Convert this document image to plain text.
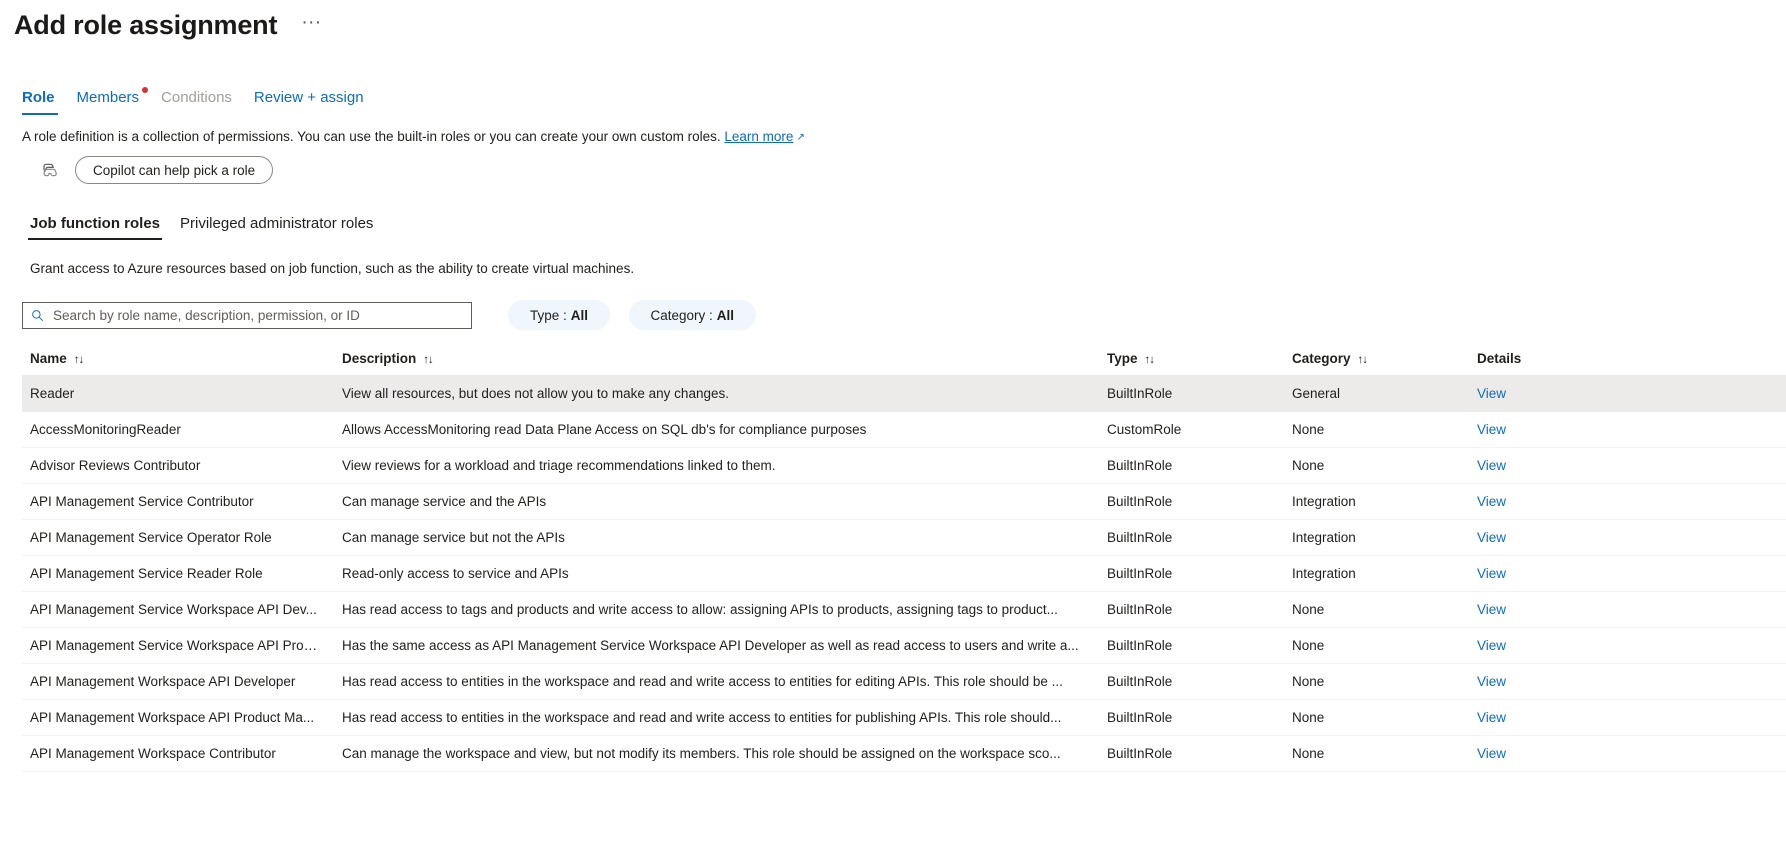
Add role assignment	···
Role	Members	Conditions	Review + assign
A role definition is a collection of permissions. You can use the built-in roles or you can create your own custom roles. Learn more ↗︎
Copilot can help pick a role
Job function roles	Privileged administrator roles
Grant access to Azure resources based on job function, such as the ability to create virtual machines.
Search by role name, description, permission, or ID
Type : All
	Category : All
Name ↑↓	Description ↑↓	Type ↑↓	Category ↑↓	Details
Reader	View all resources, but does not allow you to make any changes.	BuiltInRole	General	View
AccessMonitoringReader	Allows AccessMonitoring read Data Plane Access on SQL db's for compliance purposes	CustomRole	None	View
Advisor Reviews Contributor	View reviews for a workload and triage recommendations linked to them.	BuiltInRole	None	View
API Management Service Contributor	Can manage service and the APIs	BuiltInRole	Integration	View
API Management Service Operator Role	Can manage service but not the APIs	BuiltInRole	Integration	View
API Management Service Reader Role	Read-only access to service and APIs	BuiltInRole	Integration	View
API Management Service Workspace API Dev...	Has read access to tags and products and write access to allow: assigning APIs to products, assigning tags to product...	BuiltInRole	None	View
API Management Service Workspace API Prod...	Has the same access as API Management Service Workspace API Developer as well as read access to users and write a...	BuiltInRole	None	View
API Management Workspace API Developer	Has read access to entities in the workspace and read and write access to entities for editing APIs. This role should be ...	BuiltInRole	None	View
API Management Workspace API Product Ma...	Has read access to entities in the workspace and read and write access to entities for publishing APIs. This role should...	BuiltInRole	None	View
API Management Workspace Contributor	Can manage the workspace and view, but not modify its members. This role should be assigned on the workspace sco...	BuiltInRole	None	View
